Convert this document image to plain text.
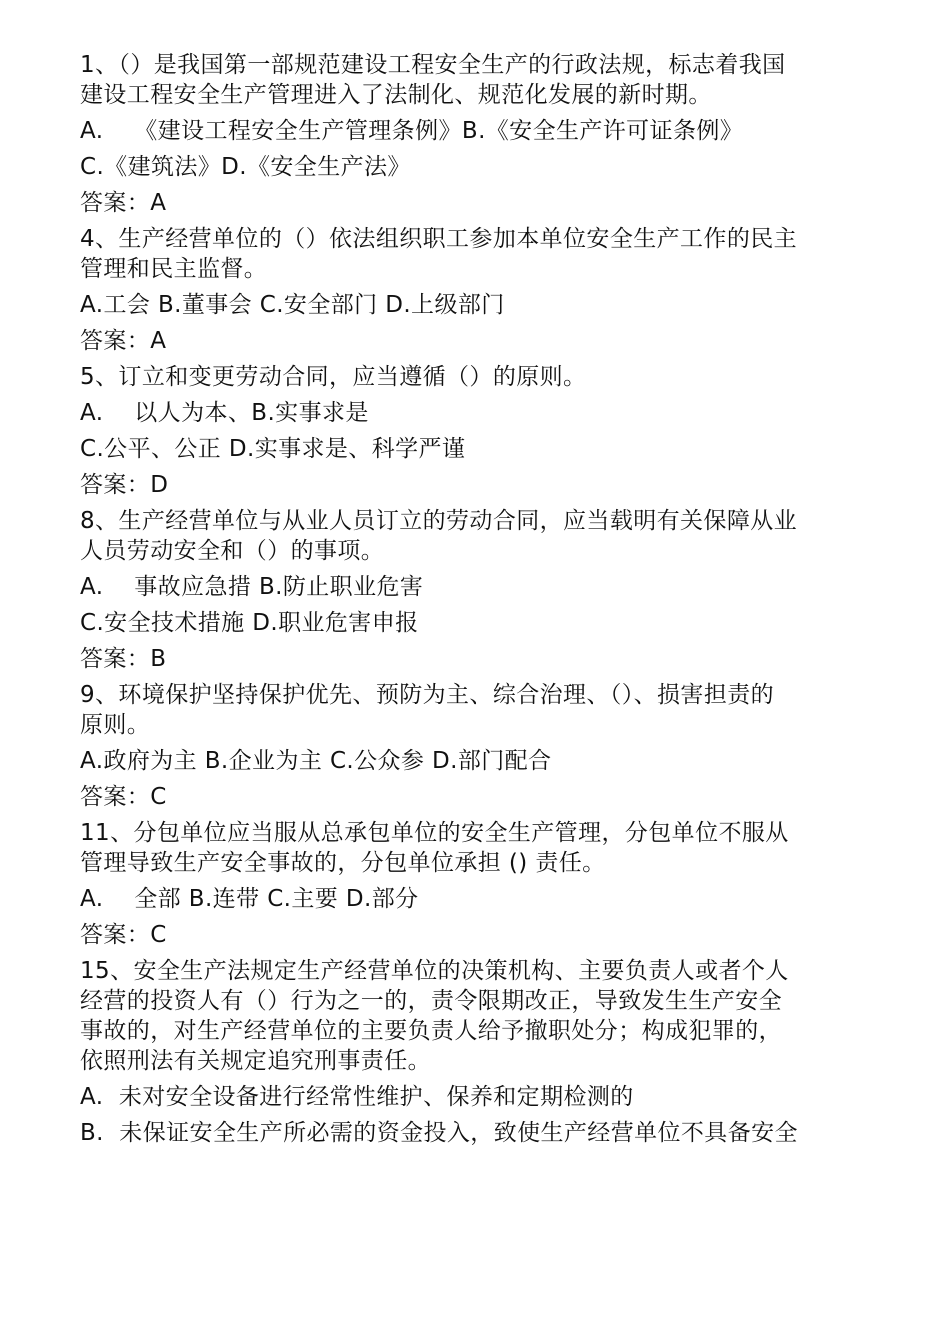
1、（）是我国第一部规范建设工程安全生产的行政法规，标志着我国
建设工程安全生产管理进入了法制化、规范化发展的新时期。
A.    《建设工程安全生产管理条例》B.《安全生产许可证条例》
C.《建筑法》D.《安全生产法》
答案：A
4、生产经营单位的（）依法组织职工参加本单位安全生产工作的民主
管理和民主监督。
A.工会 B.董事会 C.安全部门 D.上级部门
答案：A
5、订立和变更劳动合同，应当遵循（）的原则。
A.    以人为本、B.实事求是
C.公平、公正 D.实事求是、科学严谨
答案：D
8、生产经营单位与从业人员订立的劳动合同，应当载明有关保障从业
人员劳动安全和（）的事项。
A.    事故应急措 B.防止职业危害
C.安全技术措施 D.职业危害申报
答案：B
9、环境保护坚持保护优先、预防为主、综合治理、（）、损害担责的
原则。
A.政府为主 B.企业为主 C.公众参 D.部门配合
答案：C
11、分包单位应当服从总承包单位的安全生产管理，分包单位不服从
管理导致生产安全事故的，分包单位承担 () 责任。
A.    全部 B.连带 C.主要 D.部分
答案：C
15、安全生产法规定生产经营单位的决策机构、主要负责人或者个人
经营的投资人有（）行为之一的，责令限期改正，导致发生生产安全
事故的，对生产经营单位的主要负责人给予撤职处分；构成犯罪的，
依照刑法有关规定追究刑事责任。
A.  未对安全设备进行经常性维护、保养和定期检测的
B.  未保证安全生产所必需的资金投入，致使生产经营单位不具备安全
